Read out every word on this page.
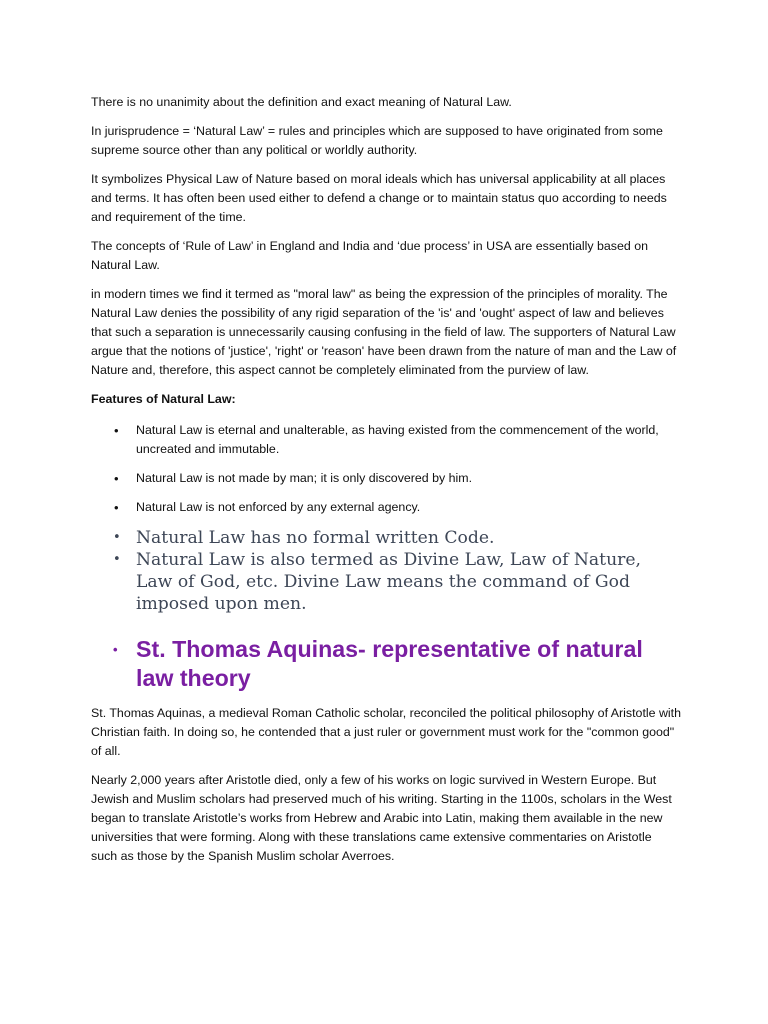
There is no unanimity about the definition and exact meaning of Natural Law.

In jurisprudence = ‘Natural Law’ = rules and principles which are supposed to have originated from some supreme source other than any political or worldly authority.

It symbolizes Physical Law of Nature based on moral ideals which has universal applicability at all places and terms. It has often been used either to defend a change or to maintain status quo according to needs and requirement of the time.

The concepts of ‘Rule of Law’ in England and India and ‘due process’ in USA are essentially based on Natural Law.

in modern times we find it termed as "moral law" as being the expression of the principles of morality. The Natural Law denies the possibility of any rigid separation of the 'is' and 'ought' aspect of law and believes that such a separation is unnecessarily causing confusing in the field of law. The supporters of Natural Law argue that the notions of 'justice', 'right' or 'reason' have been drawn from the nature of man and the Law of Nature and, therefore, this aspect cannot be completely eliminated from the purview of law.

Features of Natural Law:
• Natural Law is eternal and unalterable, as having existed from the commencement of the world, uncreated and immutable.
• Natural Law is not made by man; it is only discovered by him.
• Natural Law is not enforced by any external agency.
• Natural Law has no formal written Code.
• Natural Law is also termed as Divine Law, Law of Nature, Law of God, etc. Divine Law means the command of God imposed upon men.
• St. Thomas Aquinas- representative of natural law theory

St. Thomas Aquinas, a medieval Roman Catholic scholar, reconciled the political philosophy of Aristotle with Christian faith. In doing so, he contended that a just ruler or government must work for the "common good" of all.

Nearly 2,000 years after Aristotle died, only a few of his works on logic survived in Western Europe. But Jewish and Muslim scholars had preserved much of his writing. Starting in the 1100s, scholars in the West began to translate Aristotle’s works from Hebrew and Arabic into Latin, making them available in the new universities that were forming. Along with these translations came extensive commentaries on Aristotle such as those by the Spanish Muslim scholar Averroes.
